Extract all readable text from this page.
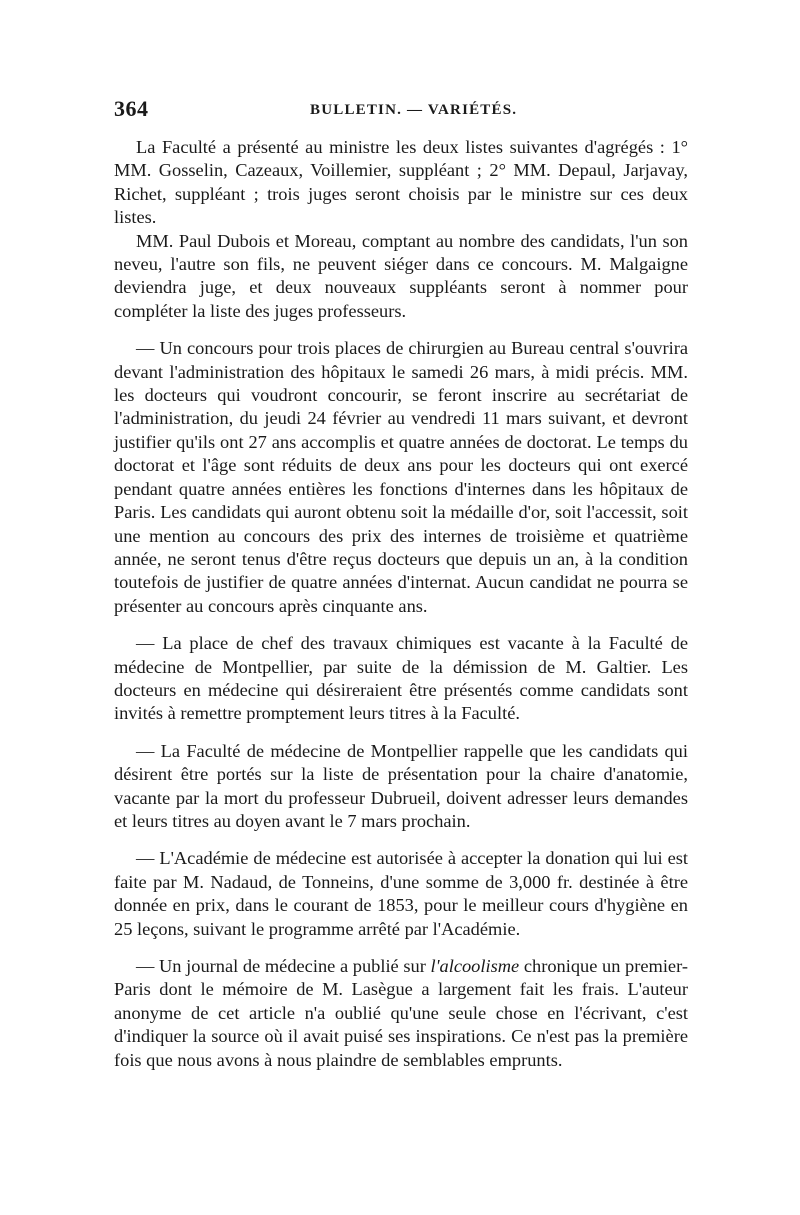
364	BULLETIN. — VARIÉTÉS.

La Faculté a présenté au ministre les deux listes suivantes d'agrégés : 1° MM. Gosselin, Cazeaux, Voillemier, suppléant ; 2° MM. Depaul, Jarjavay, Richet, suppléant ; trois juges seront choisis par le ministre sur ces deux listes.

MM. Paul Dubois et Moreau, comptant au nombre des candidats, l'un son neveu, l'autre son fils, ne peuvent siéger dans ce concours. M. Malgaigne deviendra juge, et deux nouveaux suppléants seront à nommer pour compléter la liste des juges professeurs.

— Un concours pour trois places de chirurgien au Bureau central s'ouvrira devant l'administration des hôpitaux le samedi 26 mars, à midi précis. MM. les docteurs qui voudront concourir, se feront inscrire au secrétariat de l'administration, du jeudi 24 février au vendredi 11 mars suivant, et devront justifier qu'ils ont 27 ans accomplis et quatre années de doctorat. Le temps du doctorat et l'âge sont réduits de deux ans pour les docteurs qui ont exercé pendant quatre années entières les fonctions d'internes dans les hôpitaux de Paris. Les candidats qui auront obtenu soit la médaille d'or, soit l'accessit, soit une mention au concours des prix des internes de troisième et quatrième année, ne seront tenus d'être reçus docteurs que depuis un an, à la condition toutefois de justifier de quatre années d'internat. Aucun candidat ne pourra se présenter au concours après cinquante ans.

— La place de chef des travaux chimiques est vacante à la Faculté de médecine de Montpellier, par suite de la démission de M. Galtier. Les docteurs en médecine qui désireraient être présentés comme candidats sont invités à remettre promptement leurs titres à la Faculté.

— La Faculté de médecine de Montpellier rappelle que les candidats qui désirent être portés sur la liste de présentation pour la chaire d'anatomie, vacante par la mort du professeur Dubrueil, doivent adresser leurs demandes et leurs titres au doyen avant le 7 mars prochain.

— L'Académie de médecine est autorisée à accepter la donation qui lui est faite par M. Nadaud, de Tonneins, d'une somme de 3,000 fr. destinée à être donnée en prix, dans le courant de 1853, pour le meilleur cours d'hygiène en 25 leçons, suivant le programme arrêté par l'Académie.

— Un journal de médecine a publié sur l'alcoolisme chronique un premier-Paris dont le mémoire de M. Lasègue a largement fait les frais. L'auteur anonyme de cet article n'a oublié qu'une seule chose en l'écrivant, c'est d'indiquer la source où il avait puisé ses inspirations. Ce n'est pas la première fois que nous avons à nous plaindre de semblables emprunts.
